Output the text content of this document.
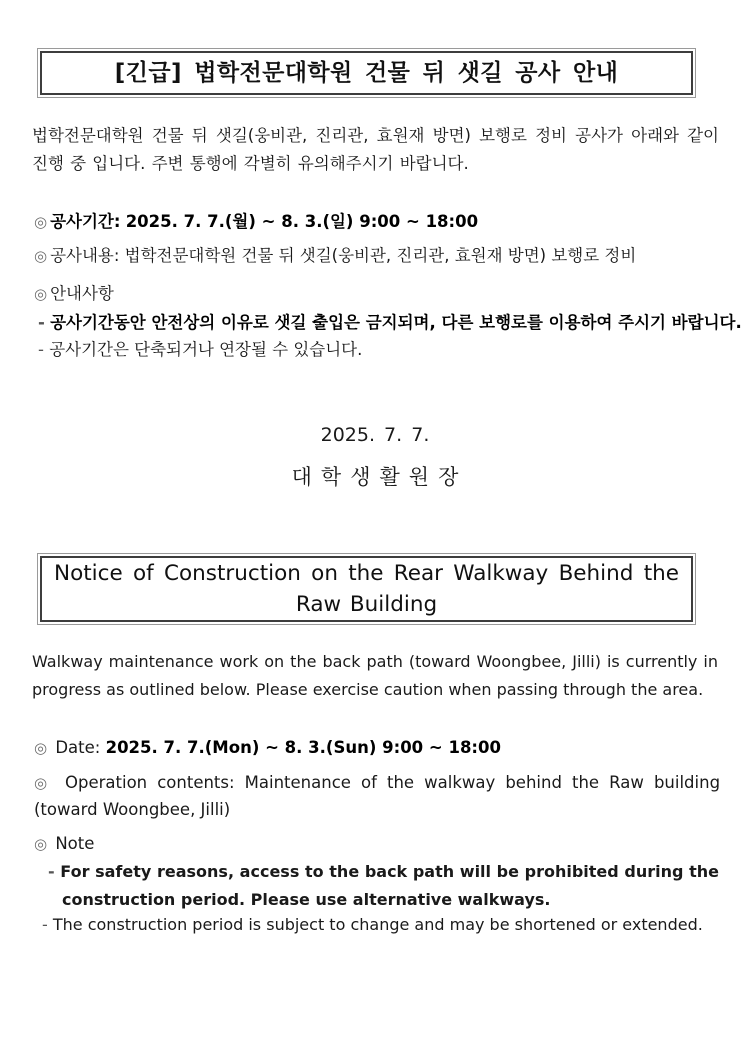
[긴급] 법학전문대학원 건물 뒤 샛길 공사 안내
법학전문대학원 건물 뒤 샛길(웅비관, 진리관, 효원재 방면) 보행로 정비 공사가 아래와 같이 진행 중 입니다. 주변 통행에 각별히 유의해주시기 바랍니다.
◎ 공사기간: 2025. 7. 7.(월) ~ 8. 3.(일) 9:00 ~ 18:00
◎ 공사내용: 법학전문대학원 건물 뒤 샛길(웅비관, 진리관, 효원재 방면) 보행로 정비
◎ 안내사항
- 공사기간동안 안전상의 이유로 샛길 출입은 금지되며, 다른 보행로를 이용하여 주시기 바랍니다.
- 공사기간은 단축되거나 연장될 수 있습니다.
2025. 7. 7.
대학생활원장
Notice of Construction on the Rear Walkway Behind the
Raw Building
Walkway maintenance work on the back path (toward Woongbee, Jilli) is currently in progress as outlined below. Please exercise caution when passing through the area.
◎ Date: 2025. 7. 7.(Mon) ~ 8. 3.(Sun) 9:00 ~ 18:00
◎ Operation contents: Maintenance of the walkway behind the Raw building (toward Woongbee, Jilli)
◎ Note
- For safety reasons, access to the back path will be prohibited during the construction period. Please use alternative walkways.
- The construction period is subject to change and may be shortened or extended.
